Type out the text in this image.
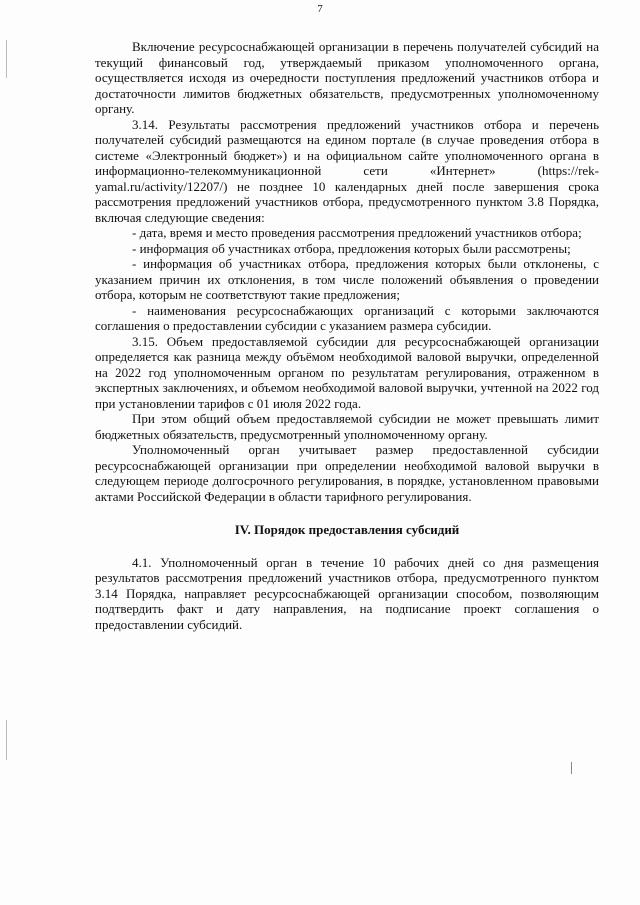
7

Включение ресурсоснабжающей организации в перечень получателей субсидий на текущий финансовый год, утверждаемый приказом уполномоченного органа, осуществляется исходя из очередности поступления предложений участников отбора и достаточности лимитов бюджетных обязательств, предусмотренных уполномоченному органу.

3.14. Результаты рассмотрения предложений участников отбора и перечень получателей субсидий размещаются на едином портале (в случае проведения отбора в системе «Электронный бюджет») и на официальном сайте уполномоченного органа в информационно-телекоммуникационной сети «Интернет» (https://rek-yamal.ru/activity/12207/) не позднее 10 календарных дней после завершения срока рассмотрения предложений участников отбора, предусмотренного пунктом 3.8 Порядка, включая следующие сведения:

- дата, время и место проведения рассмотрения предложений участников отбора;

- информация об участниках отбора, предложения которых были рассмотрены;

- информация об участниках отбора, предложения которых были отклонены, с указанием причин их отклонения, в том числе положений объявления о проведении отбора, которым не соответствуют такие предложения;

- наименования ресурсоснабжающих организаций с которыми заключаются соглашения о предоставлении субсидии с указанием размера субсидии.

3.15. Объем предоставляемой субсидии для ресурсоснабжающей организации определяется как разница между объёмом необходимой валовой выручки, определенной на 2022 год уполномоченным органом по результатам регулирования, отраженном в экспертных заключениях, и объемом необходимой валовой выручки, учтенной на 2022 год при установлении тарифов с 01 июля 2022 года.

При этом общий объем предоставляемой субсидии не может превышать лимит бюджетных обязательств, предусмотренный уполномоченному органу.

Уполномоченный орган учитывает размер предоставленной субсидии ресурсоснабжающей организации при определении необходимой валовой выручки в следующем периоде долгосрочного регулирования, в порядке, установленном правовыми актами Российской Федерации в области тарифного регулирования.

IV. Порядок предоставления субсидий

4.1. Уполномоченный орган в течение 10 рабочих дней со дня размещения результатов рассмотрения предложений участников отбора, предусмотренного пунктом 3.14 Порядка, направляет ресурсоснабжающей организации способом, позволяющим подтвердить факт и дату направления, на подписание проект соглашения о предоставлении субсидий.
